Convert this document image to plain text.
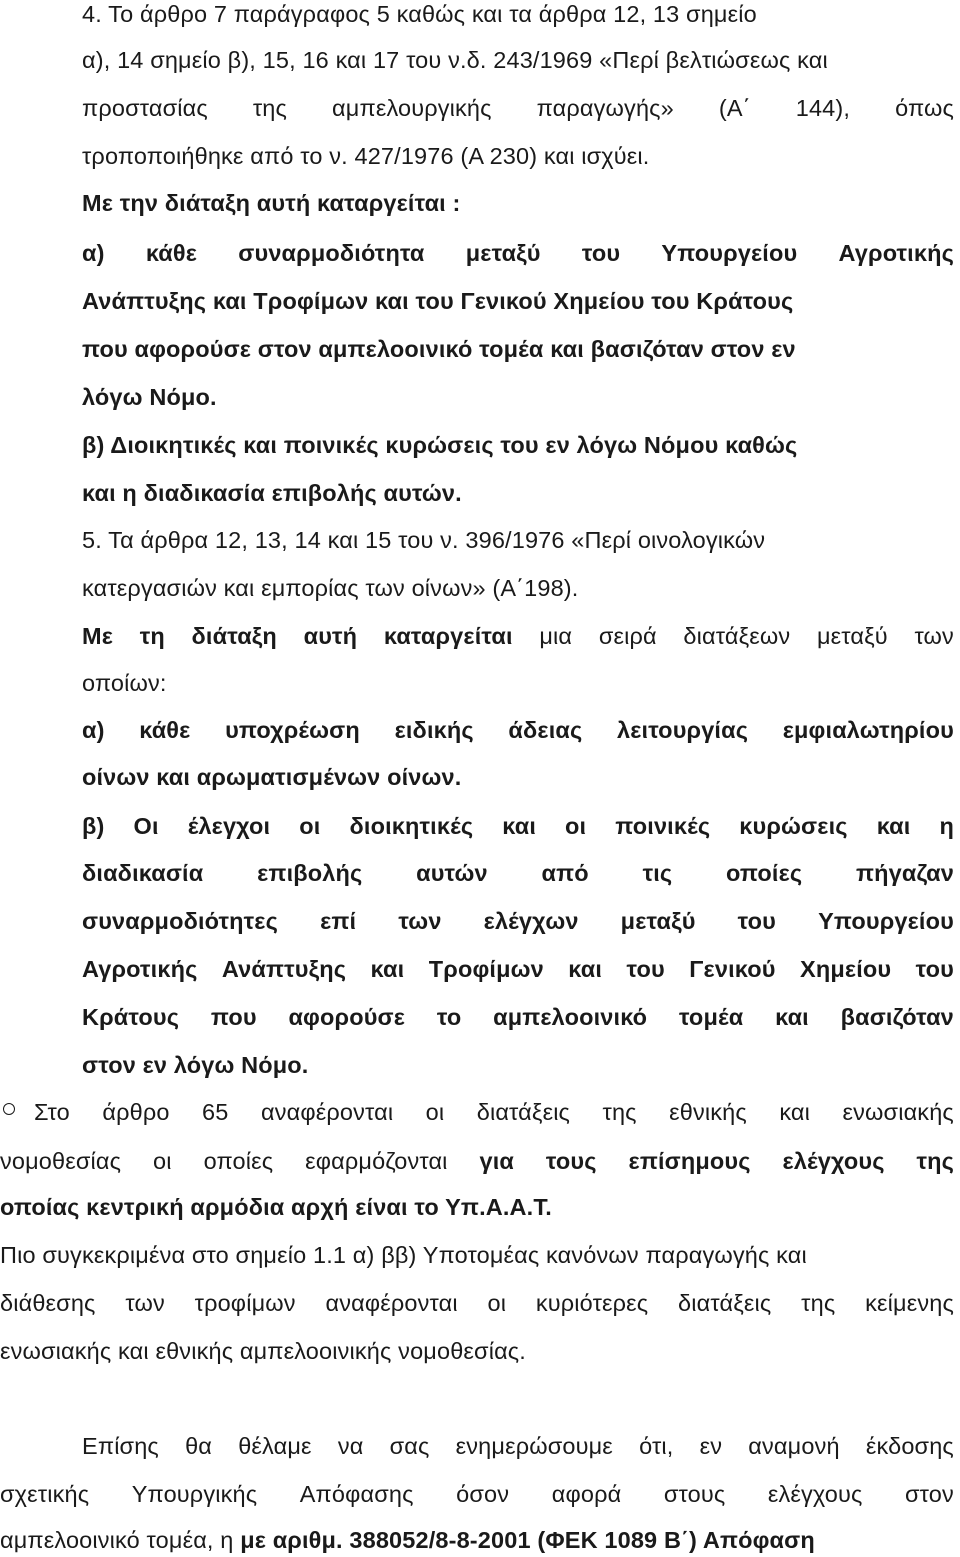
4. Το άρθρο 7 παράγραφος 5 καθώς και τα άρθρα 12, 13 σημείο
α), 14 σημείο β), 15, 16 και 17 του ν.δ. 243/1969 «Περί βελτιώσεως και
προστασίας της αμπελουργικής παραγωγής» (Α΄ 144), όπως
τροποποιήθηκε από το ν. 427/1976 (Α 230) και ισχύει.
Με την διάταξη αυτή καταργείται :
α) κάθε συναρμοδιότητα μεταξύ του Υπουργείου Αγροτικής
Ανάπτυξης και Τροφίμων και του Γενικού Χημείου του Κράτους
που αφορούσε στον αμπελοοινικό τομέα και βασιζόταν στον εν
λόγω Νόμο.
β) Διοικητικές και ποινικές κυρώσεις του εν λόγω Νόμου καθώς
και η διαδικασία επιβολής αυτών.
5. Τα άρθρα 12, 13, 14 και 15 του ν. 396/1976 «Περί οινολογικών
κατεργασιών και εμπορίας των οίνων» (Α΄198).
Με τη διάταξη αυτή καταργείται μια σειρά διατάξεων μεταξύ των
οποίων:
α) κάθε υποχρέωση ειδικής άδειας λειτουργίας εμφιαλωτηρίου
οίνων και αρωματισμένων οίνων.
β) Οι έλεγχοι οι διοικητικές και οι ποινικές κυρώσεις και η
διαδικασία επιβολής αυτών από τις οποίες πήγαζαν
συναρμοδιότητες επί των ελέγχων μεταξύ του Υπουργείου
Αγροτικής Ανάπτυξης και Τροφίμων και του Γενικού Χημείου του
Κράτους που αφορούσε το αμπελοοινικό τομέα και βασιζόταν
στον εν λόγω Νόμο.
Στο άρθρο 65 αναφέρονται οι διατάξεις της εθνικής και ενωσιακής
νομοθεσίας οι οποίες εφαρμόζονται για τους επίσημους ελέγχους της
οποίας κεντρική αρμόδια αρχή είναι το Υπ.Α.Α.Τ.
Πιο συγκεκριμένα στο σημείο 1.1 α) ββ) Υποτομέας κανόνων παραγωγής και
διάθεσης των τροφίμων αναφέρονται οι κυριότερες διατάξεις της κείμενης
ενωσιακής και εθνικής αμπελοοινικής νομοθεσίας.
Επίσης θα θέλαμε να σας ενημερώσουμε ότι, εν αναμονή έκδοσης
σχετικής Υπουργικής Απόφασης όσον αφορά στους ελέγχους στον
αμπελοοινικό τομέα, η με αριθμ. 388052/8-8-2001 (ΦΕΚ 1089 Β΄) Απόφαση
